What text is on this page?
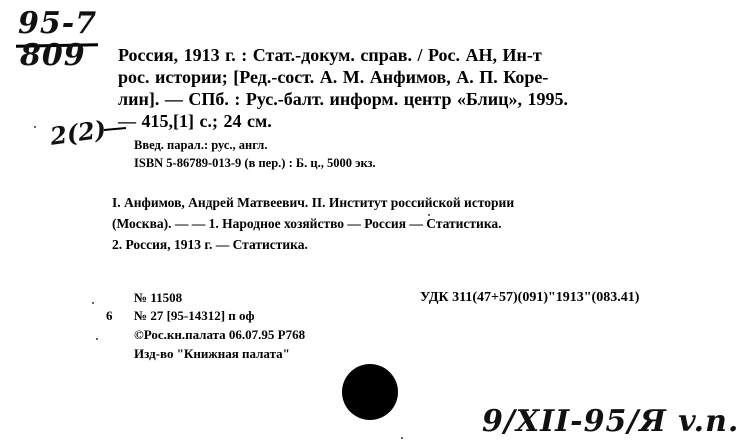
95-7
809
2(2)
Россия, 1913 г. : Стат.-докум. справ. / Рос. АН, Ин-т
рос. истории; [Ред.-сост. А. М. Анфимов, А. П. Коре-
лин]. — СПб. : Рус.-балт. информ. центр «Блиц», 1995.
— 415,[1] с.; 24 см.
Введ. парал.: рус., англ.
ISBN 5-86789-013-9 (в пер.) : Б. ц., 5000 экз.
I. Анфимов, Андрей Матвеевич. II. Институт российской истории
(Москва). — — 1. Народное хозяйство — Россия — Статистика.
2. Россия, 1913 г. — Статистика.
№ 11508
6 № 27 [95-14312] п оф
©Рос.кн.палата 06.07.95 Р768
Изд-во "Книжная палата"
УДК 311(47+57)(091)"1913"(083.41)
9/XII-95/Я v.n.
